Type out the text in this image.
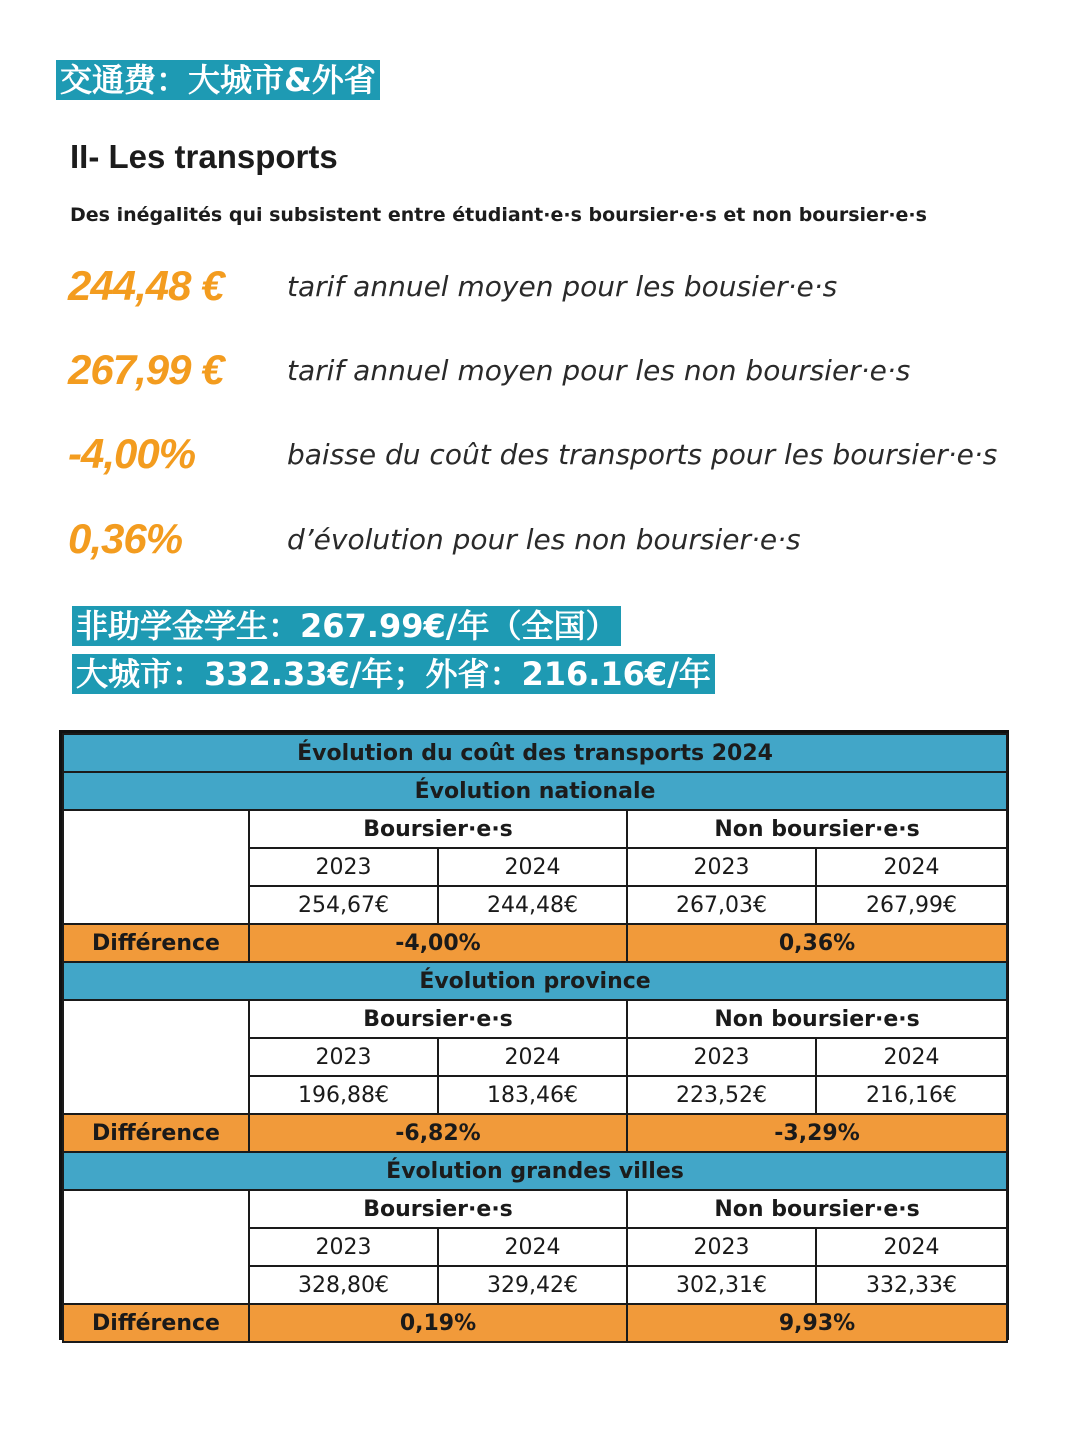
交通费：大城市&外省
II- Les transports
Des inégalités qui subsistent entre étudiant·e·s boursier·e·s et non boursier·e·s
244,48 € tarif annuel moyen pour les bousier·e·s
267,99 € tarif annuel moyen pour les non boursier·e·s
-4,00%	baisse du coût des transports pour les boursier·e·s
0,36%	d’évolution pour les non boursier·e·s
非助学金学生：267.99€/年（全国）
大城市：332.33€/年；外省：216.16€/年
Évolution du coût des transports 2024				
Évolution nationale				
	Boursier·e·s		Non boursier·e·s	
	2023	2024	2023	2024
	254,67€	244,48€	267,03€	267,99€
Différence	-4,00%		0,36%	
Évolution province				
	Boursier·e·s		Non boursier·e·s	
	2023	2024	2023	2024
	196,88€	183,46€	223,52€	216,16€
Différence	-6,82%		-3,29%	
Évolution grandes villes				
	Boursier·e·s		Non boursier·e·s	
	2023	2024	2023	2024
	328,80€	329,42€	302,31€	332,33€
Différence	0,19%		9,93%	
